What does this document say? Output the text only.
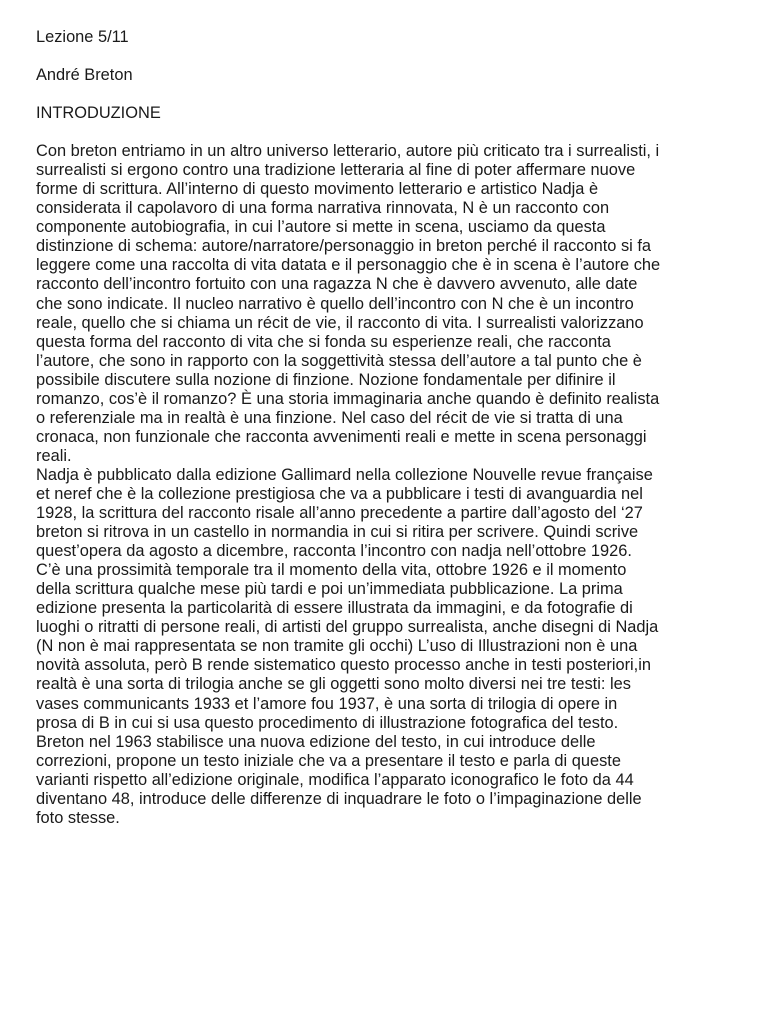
Lezione 5/11
André Breton
INTRODUZIONE
Con breton entriamo in un altro universo letterario, autore più criticato tra i surrealisti, i
surrealisti si ergono contro una tradizione letteraria al fine di poter affermare nuove
forme di scrittura. All’interno di questo movimento letterario e artistico Nadja è
considerata il capolavoro di una forma narrativa rinnovata, N è un racconto con
componente autobiografia, in cui l’autore si mette in scena, usciamo da questa
distinzione di schema: autore/narratore/personaggio in breton perché il racconto si fa
leggere come una raccolta di vita datata e il personaggio che è in scena è l’autore che
racconto dell’incontro fortuito con una ragazza N che è davvero avvenuto, alle date
che sono indicate. Il nucleo narrativo è quello dell’incontro con N che è un incontro
reale, quello che si chiama un récit de vie, il racconto di vita. I surrealisti valorizzano
questa forma del racconto di vita che si fonda su esperienze reali, che racconta
l’autore, che sono in rapporto con la soggettività stessa dell’autore a tal punto che è
possibile discutere sulla nozione di finzione. Nozione fondamentale per difinire il
romanzo, cos’è il romanzo? È una storia immaginaria anche quando è definito realista
o referenziale ma in realtà è una finzione. Nel caso del récit de vie si tratta di una
cronaca, non funzionale che racconta avvenimenti reali e mette in scena personaggi
reali.
Nadja è pubblicato dalla edizione Gallimard nella collezione Nouvelle revue française
et neref che è la collezione prestigiosa che va a pubblicare i testi di avanguardia nel
1928, la scrittura del racconto risale all’anno precedente a partire dall’agosto del ‘27
breton si ritrova in un castello in normandia in cui si ritira per scrivere. Quindi scrive
quest’opera da agosto a dicembre, racconta l’incontro con nadja nell’ottobre 1926.
C’è una prossimità temporale tra il momento della vita, ottobre 1926 e il momento
della scrittura qualche mese più tardi e poi un’immediata pubblicazione. La prima
edizione presenta la particolarità di essere illustrata da immagini, e da fotografie di
luoghi o ritratti di persone reali, di artisti del gruppo surrealista, anche disegni di Nadja
(N non è mai rappresentata se non tramite gli occhi) L’uso di Illustrazioni non è una
novità assoluta, però B rende sistematico questo processo anche in testi posteriori,in
realtà è una sorta di trilogia anche se gli oggetti sono molto diversi nei tre testi: les
vases communicants 1933 et l’amore fou 1937, è una sorta di trilogia di opere in
prosa di B in cui si usa questo procedimento di illustrazione fotografica del testo.
Breton nel 1963 stabilisce una nuova edizione del testo, in cui introduce delle
correzioni, propone un testo iniziale che va a presentare il testo e parla di queste
varianti rispetto all’edizione originale, modifica l’apparato iconografico le foto da 44
diventano 48, introduce delle differenze di inquadrare le foto o l’impaginazione delle
foto stesse.
